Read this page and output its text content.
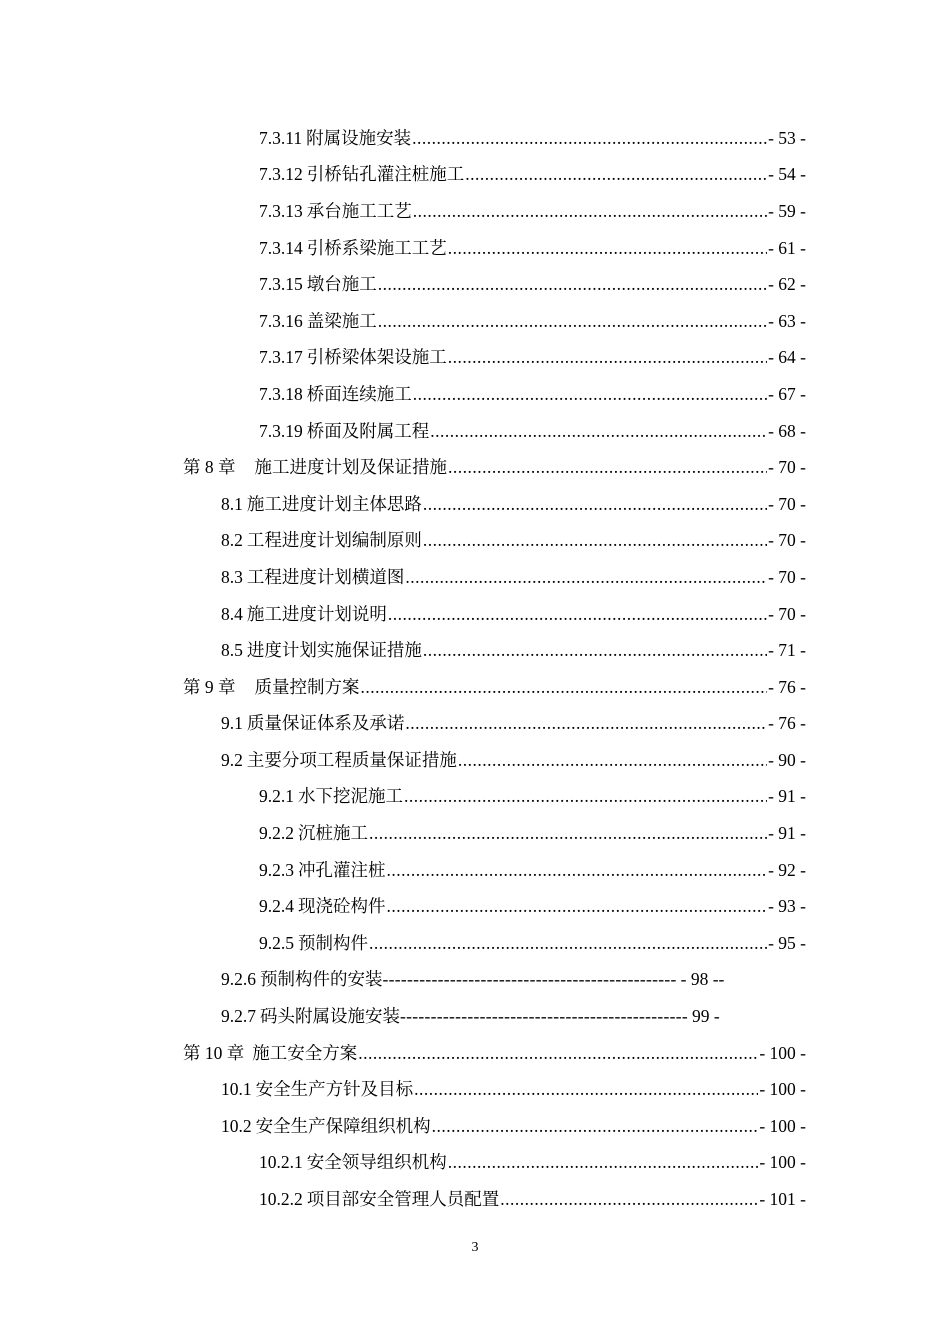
7.3.11 附属设施安装 .....	- 53 -
7.3.12 引桥钻孔灌注桩施工 .....	- 54 -
7.3.13 承台施工工艺 .....	- 59 -
7.3.14 引桥系梁施工工艺 .....	- 61 -
7.3.15 墩台施工 .....	- 62 -
7.3.16 盖梁施工 .....	- 63 -
7.3.17 引桥梁体架设施工 .....	- 64 -
7.3.18 桥面连续施工 .....	- 67 -
7.3.19 桥面及附属工程 .....	- 68 -
第 8 章 施工进度计划及保证措施 .....	- 70 -
8.1 施工进度计划主体思路 .....	- 70 -
8.2 工程进度计划编制原则 .....	- 70 -
8.3 工程进度计划横道图 .....	- 70 -
8.4 施工进度计划说明 .....	- 70 -
8.5 进度计划实施保证措施 .....	- 71 -
第 9 章 质量控制方案 .....	- 76 -
9.1 质量保证体系及承诺 .....	- 76 -
9.2 主要分项工程质量保证措施 .....	- 90 -
9.2.1 水下挖泥施工 .....	- 91 -
9.2.2 沉桩施工 .....	- 91 -
9.2.3 冲孔灌注桩 .....	- 92 -
9.2.4 现浇砼构件 .....	- 93 -
9.2.5 预制构件 .....	- 95 -
9.2.6 预制构件的安装 ------------------------------------------------ - 98 --
9.2.7 码头附属设施安装 ----------------------------------------------- 99 -
第 10 章 施工安全方案 .....	- 100 -
10.1 安全生产方针及目标 .....	- 100 -
10.2 安全生产保障组织机构 .....	- 100 -
10.2.1 安全领导组织机构 .....	- 100 -
10.2.2 项目部安全管理人员配置 .....	- 101 -
3
